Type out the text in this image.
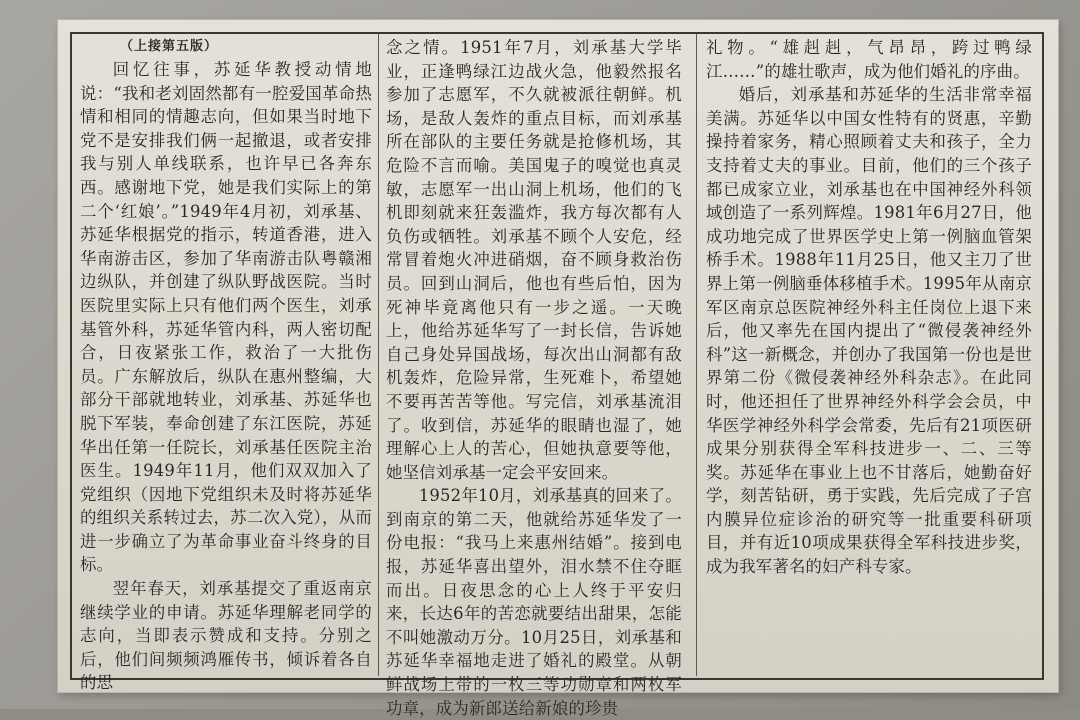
（上接第五版）

回忆往事，苏延华教授动情地说：“我和老刘固然都有一腔爱国革命热情和相同的情趣志向，但如果当时地下党不是安排我们俩一起撤退，或者安排我与别人单线联系，也许早已各奔东西。感谢地下党，她是我们实际上的第二个‘红娘’。”1949年4月初，刘承基、苏延华根据党的指示，转道香港，进入华南游击区，参加了华南游击队粤赣湘边纵队，并创建了纵队野战医院。当时医院里实际上只有他们两个医生，刘承基管外科，苏延华管内科，两人密切配合，日夜紧张工作，救治了一大批伤员。广东解放后，纵队在惠州整编，大部分干部就地转业，刘承基、苏延华也脱下军装，奉命创建了东江医院，苏延华出任第一任院长，刘承基任医院主治医生。1949年11月，他们双双加入了党组织（因地下党组织未及时将苏延华的组织关系转过去，苏二次入党），从而进一步确立了为革命事业奋斗终身的目标。

翌年春天，刘承基提交了重返南京继续学业的申请。苏延华理解老同学的志向，当即表示赞成和支持。分别之后，他们间频频鸿雁传书，倾诉着各自的思

念之情。1951年7月，刘承基大学毕业，正逢鸭绿江边战火急，他毅然报名参加了志愿军，不久就被派往朝鲜。机场，是敌人轰炸的重点目标，而刘承基所在部队的主要任务就是抢修机场，其危险不言而喻。美国鬼子的嗅觉也真灵敏，志愿军一出山洞上机场，他们的飞机即刻就来狂轰滥炸，我方每次都有人负伤或牺牲。刘承基不顾个人安危，经常冒着炮火冲进硝烟，奋不顾身救治伤员。回到山洞后，他也有些后怕，因为死神毕竟离他只有一步之遥。一天晚上，他给苏延华写了一封长信，告诉她自己身处异国战场，每次出山洞都有敌机轰炸，危险异常，生死难卜，希望她不要再苦苦等他。写完信，刘承基流泪了。收到信，苏延华的眼睛也湿了，她理解心上人的苦心，但她执意要等他，她坚信刘承基一定会平安回来。

1952年10月，刘承基真的回来了。到南京的第二天，他就给苏延华发了一份电报：“我马上来惠州结婚”。接到电报，苏延华喜出望外，泪水禁不住夺眶而出。日夜思念的心上人终于平安归来，长达6年的苦恋就要结出甜果，怎能不叫她激动万分。10月25日，刘承基和苏延华幸福地走进了婚礼的殿堂。从朝鲜战场上带的一枚三等功勋章和两枚军功章，成为新郎送给新娘的珍贵

礼物。“雄赳赳，气昂昂，跨过鸭绿江……”的雄壮歌声，成为他们婚礼的序曲。

婚后，刘承基和苏延华的生活非常幸福美满。苏延华以中国女性特有的贤惠，辛勤操持着家务，精心照顾着丈夫和孩子，全力支持着丈夫的事业。目前，他们的三个孩子都已成家立业，刘承基也在中国神经外科领域创造了一系列辉煌。1981年6月27日，他成功地完成了世界医学史上第一例脑血管架桥手术。1988年11月25日，他又主刀了世界上第一例脑垂体移植手术。1995年从南京军区南京总医院神经外科主任岗位上退下来后，他又率先在国内提出了“微侵袭神经外科”这一新概念，并创办了我国第一份也是世界第二份《微侵袭神经外科杂志》。在此同时，他还担任了世界神经外科学会会员，中华医学神经外科学会常委，先后有21项医研成果分别获得全军科技进步一、二、三等奖。苏延华在事业上也不甘落后，她勤奋好学，刻苦钻研，勇于实践，先后完成了子宫内膜异位症诊治的研究等一批重要科研项目，并有近10项成果获得全军科技进步奖，成为我军著名的妇产科专家。
